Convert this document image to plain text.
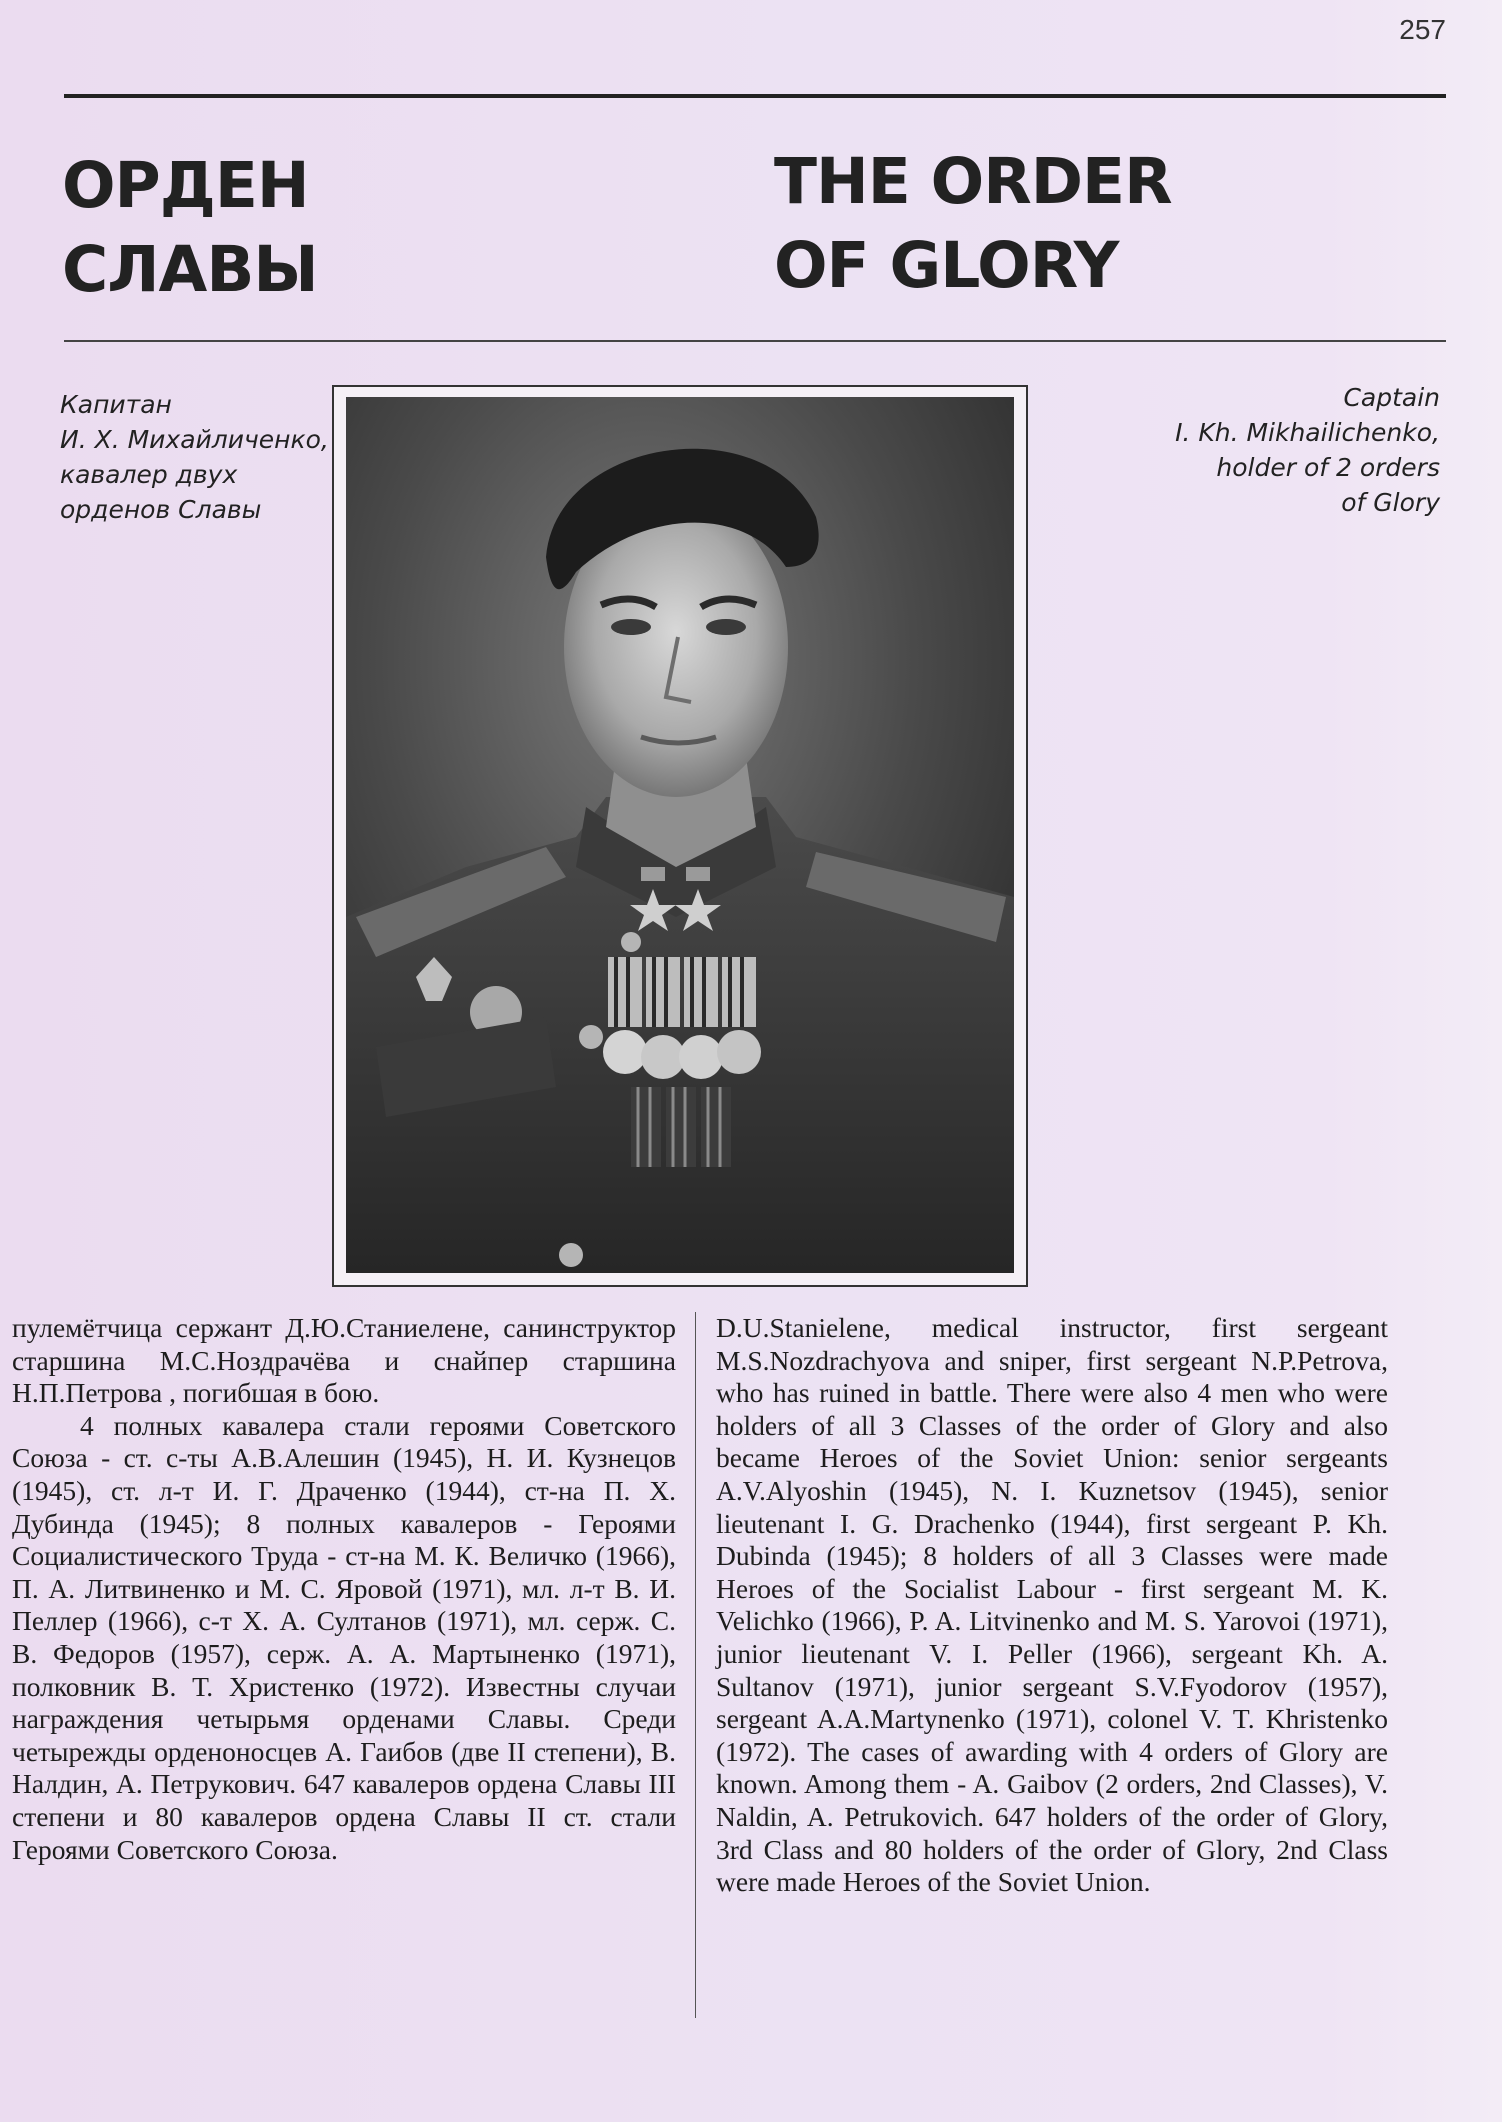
257
ОРДЕН
СЛАВЫ
THE ORDER
OF GLORY
Капитан
И. Х. Михайличенко,
кавалер двух
орденов Славы
Captain
I. Kh. Mikhailichenko,
holder of 2 orders
of Glory

пулемётчица сержант Д.Ю.Станиелене, санинструктор старшина М.С.Ноздрачёва и снайпер старшина Н.П.Петрова , погибшая в бою.

4 полных кавалера стали героями Советского Союза - ст. с-ты А.В.Алешин (1945), Н. И. Кузнецов (1945), ст. л-т И. Г. Драченко (1944), ст-на П. Х. Дубинда (1945); 8 полных кавалеров - Героями Социалистического Труда - ст-на М. К. Величко (1966), П. А. Литвиненко и М. С. Яровой (1971), мл. л-т В. И. Пеллер (1966), с-т Х. А. Султанов (1971), мл. серж. С. В. Федоров (1957), серж. А. А. Мартыненко (1971), полковник В. Т. Христенко (1972). Известны случаи награждения четырьмя орденами Славы. Среди четырежды орденоносцев А. Гаибов (две II степени), В. Налдин, А. Петрукович. 647 кавалеров ордена Славы III степени и 80 кавалеров ордена Славы II ст. стали Героями Советского Союза.

D.U.Stanielene, medical instructor, first sergeant M.S.Nozdrachyova and sniper, first sergeant N.P.Petrova, who has ruined in battle. There were also 4 men who were holders of all 3 Classes of the order of Glory and also became Heroes of the Soviet Union: senior sergeants A.V.Alyoshin (1945), N. I. Kuznetsov (1945), senior lieutenant I. G. Drachenko (1944), first sergeant P. Kh. Dubinda (1945); 8 holders of all 3 Classes were made Heroes of the Socialist Labour - first sergeant M. K. Velichko (1966), P. A. Litvinenko and M. S. Yarovoi (1971), junior lieutenant V. I. Peller (1966), sergeant Kh. A. Sultanov (1971), junior sergeant S.V.Fyodorov (1957), sergeant A.A.Martynenko (1971), colonel V. T. Khristenko (1972). The cases of awarding with 4 orders of Glory are known. Among them - A. Gaibov (2 orders, 2nd Classes), V. Naldin, A. Petrukovich. 647 holders of the order of Glory, 3rd Class and 80 holders of the order of Glory, 2nd Class were made Heroes of the Soviet Union.
